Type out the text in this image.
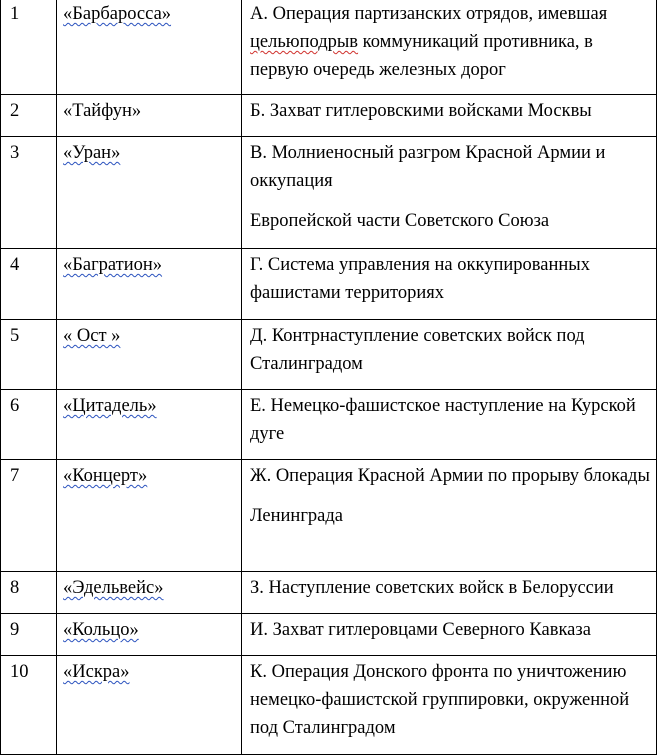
1	«Барбаросса»	А. Операция партизанских отрядов, имевшая цельюподрыв коммуникаций противника, в первую очередь железных дорог
2	«Тайфун»	Б. Захват гитлеровскими войсками Москвы
3	«Уран»	В. Молниеносный разгром Красной Армии и оккупация
Европейской части Советского Союза

4	«Багратион»	Г. Система управления на оккупированных фашистами территориях
5	« Ост »	Д. Контрнаступление советских войск под Сталинградом
6	«Цитадель»	Е. Немецко-фашистское наступление на Курской дуге
7	«Концерт»	Ж. Операция Красной Армии по прорыву блокады
Ленинграда

8	«Эдельвейс»	З. Наступление советских войск в Белоруссии
9	«Кольцо»	И. Захват гитлеровцами Северного Кавказа
10	«Искра»	К. Операция Донского фронта по уничтожению немецко-фашистской группировки, окруженной под Сталинградом
